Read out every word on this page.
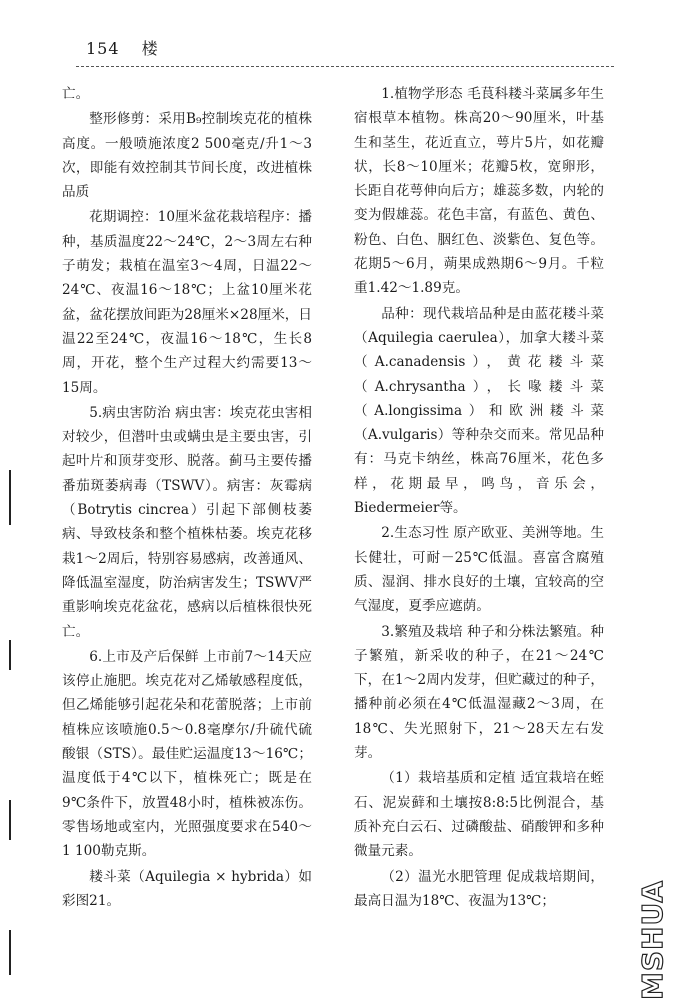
154 楼

亡。

整形修剪：采用B₉控制埃克花的植株高度。一般喷施浓度2 500毫克/升1～3次，即能有效控制其节间长度，改进植株品质

花期调控：10厘米盆花栽培程序：播种，基质温度22～24℃，2～3周左右种子萌发；栽植在温室3～4周，日温22～24℃、夜温16～18℃；上盆10厘米花盆，盆花摆放间距为28厘米×28厘米，日温22至24℃，夜温16～18℃，生长8周，开花，整个生产过程大约需要13～15周。

5.病虫害防治 病虫害：埃克花虫害相对较少，但潜叶虫或螨虫是主要虫害，引起叶片和顶芽变形、脱落。蓟马主要传播番茄斑萎病毒（TSWV）。病害：灰霉病（Botrytis cincrea）引起下部侧枝萎病、导致枝条和整个植株枯萎。埃克花移栽1～2周后，特别容易感病，改善通风、降低温室湿度，防治病害发生；TSWV严重影响埃克花盆花，感病以后植株很快死亡。

6.上市及产后保鲜 上市前7～14天应该停止施肥。埃克花对乙烯敏感程度低，但乙烯能够引起花朵和花蕾脱落；上市前植株应该喷施0.5～0.8毫摩尔/升硫代硫酸银（STS）。最佳贮运温度13～16℃；温度低于4℃以下，植株死亡；既是在9℃条件下，放置48小时，植株被冻伤。零售场地或室内，光照强度要求在540～1 100勒克斯。

耧斗菜（Aquilegia × hybrida）如彩图21。

1.植物学形态 毛茛科耧斗菜属多年生宿根草本植物。株高20～90厘米，叶基生和茎生，花近直立，萼片5片，如花瓣状，长8～10厘米；花瓣5枚，宽卵形，长距自花萼伸向后方；雄蕊多数，内轮的变为假雄蕊。花色丰富，有蓝色、黄色、粉色、白色、胭红色、淡紫色、复色等。花期5～6月，蒴果成熟期6～9月。千粒重1.42～1.89克。

品种：现代栽培品种是由蓝花耧斗菜（Aquilegia caerulea），加拿大耧斗菜（A.canadensis），黄花耧斗菜（A.chrysantha），长喙耧斗菜（A.longissima）和欧洲耧斗菜（A.vulgaris）等种杂交而来。常见品种有：马克卡纳丝，株高76厘米，花色多样，花期最早，鸣鸟，音乐会，Biedermeier等。

2.生态习性 原产欧亚、美洲等地。生长健壮，可耐－25℃低温。喜富含腐殖质、湿润、排水良好的土壤，宜较高的空气湿度，夏季应遮荫。

3.繁殖及栽培 种子和分株法繁殖。种子繁殖，新采收的种子，在21～24℃下，在1～2周内发芽，但贮藏过的种子，播种前必须在4℃低温湿藏2～3周，在18℃、失光照射下，21～28天左右发芽。

（1）栽培基质和定植 适宜栽培在蛭石、泥炭藓和土壤按8:8:5比例混合，基质补充白云石、过磷酸盐、硝酸钾和多种微量元素。

（2）温光水肥管理 促成栽培期间，最高日温为18℃、夜温为13℃；	MSHUA
